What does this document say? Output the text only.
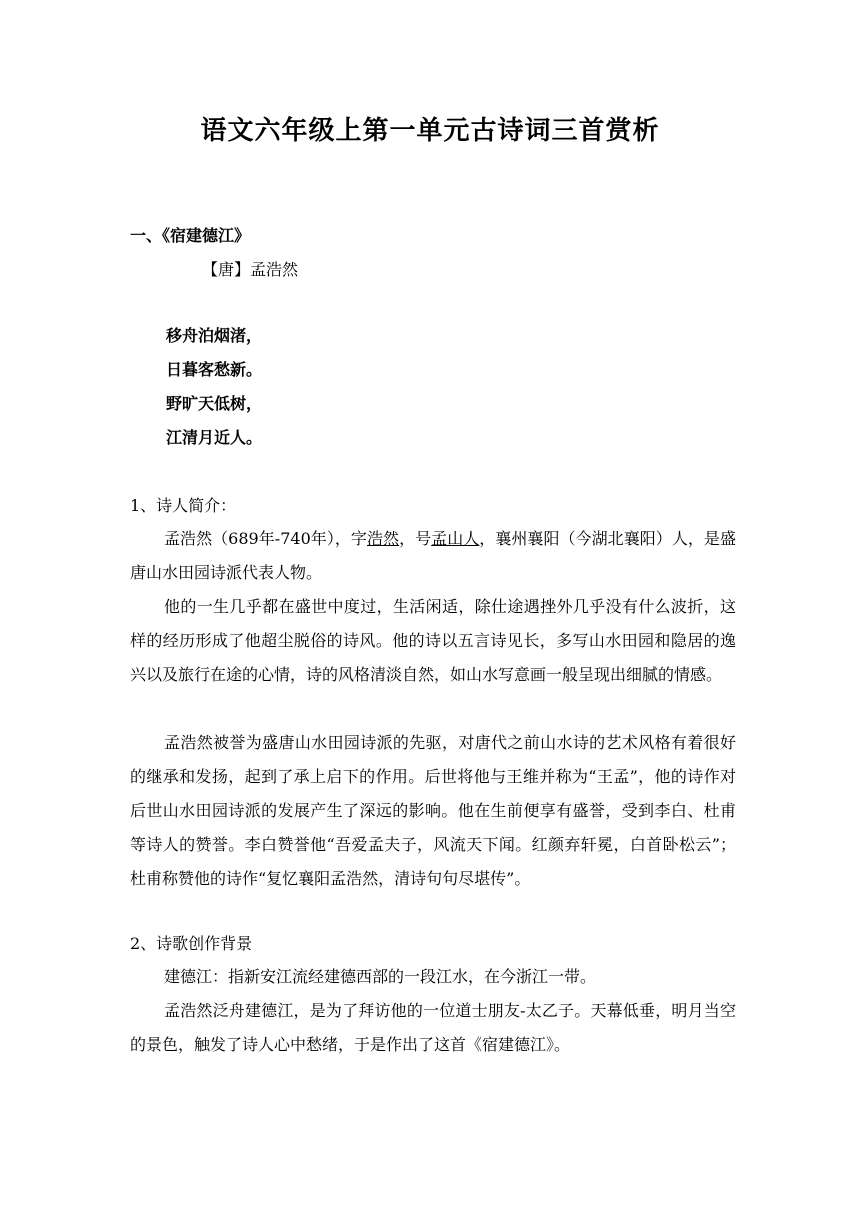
语文六年级上第一单元古诗词三首赏析
一、《宿建德江》
【唐】孟浩然
移舟泊烟渚，
日暮客愁新。
野旷天低树，
江清月近人。
1、诗人简介：
孟浩然（689年-740年），字浩然，号孟山人，襄州襄阳（今湖北襄阳）人，是盛唐山水田园诗派代表人物。
他的一生几乎都在盛世中度过，生活闲适，除仕途遇挫外几乎没有什么波折，这样的经历形成了他超尘脱俗的诗风。他的诗以五言诗见长，多写山水田园和隐居的逸兴以及旅行在途的心情，诗的风格清淡自然，如山水写意画一般呈现出细腻的情感。
孟浩然被誉为盛唐山水田园诗派的先驱，对唐代之前山水诗的艺术风格有着很好的继承和发扬，起到了承上启下的作用。后世将他与王维并称为“王孟”，他的诗作对后世山水田园诗派的发展产生了深远的影响。他在生前便享有盛誉，受到李白、杜甫等诗人的赞誉。李白赞誉他“吾爱孟夫子，风流天下闻。红颜弃轩冕，白首卧松云”；杜甫称赞他的诗作“复忆襄阳孟浩然，清诗句句尽堪传”。
2、诗歌创作背景
建德江：指新安江流经建德西部的一段江水，在今浙江一带。
孟浩然泛舟建德江，是为了拜访他的一位道士朋友-太乙子。天幕低垂，明月当空的景色，触发了诗人心中愁绪，于是作出了这首《宿建德江》。
